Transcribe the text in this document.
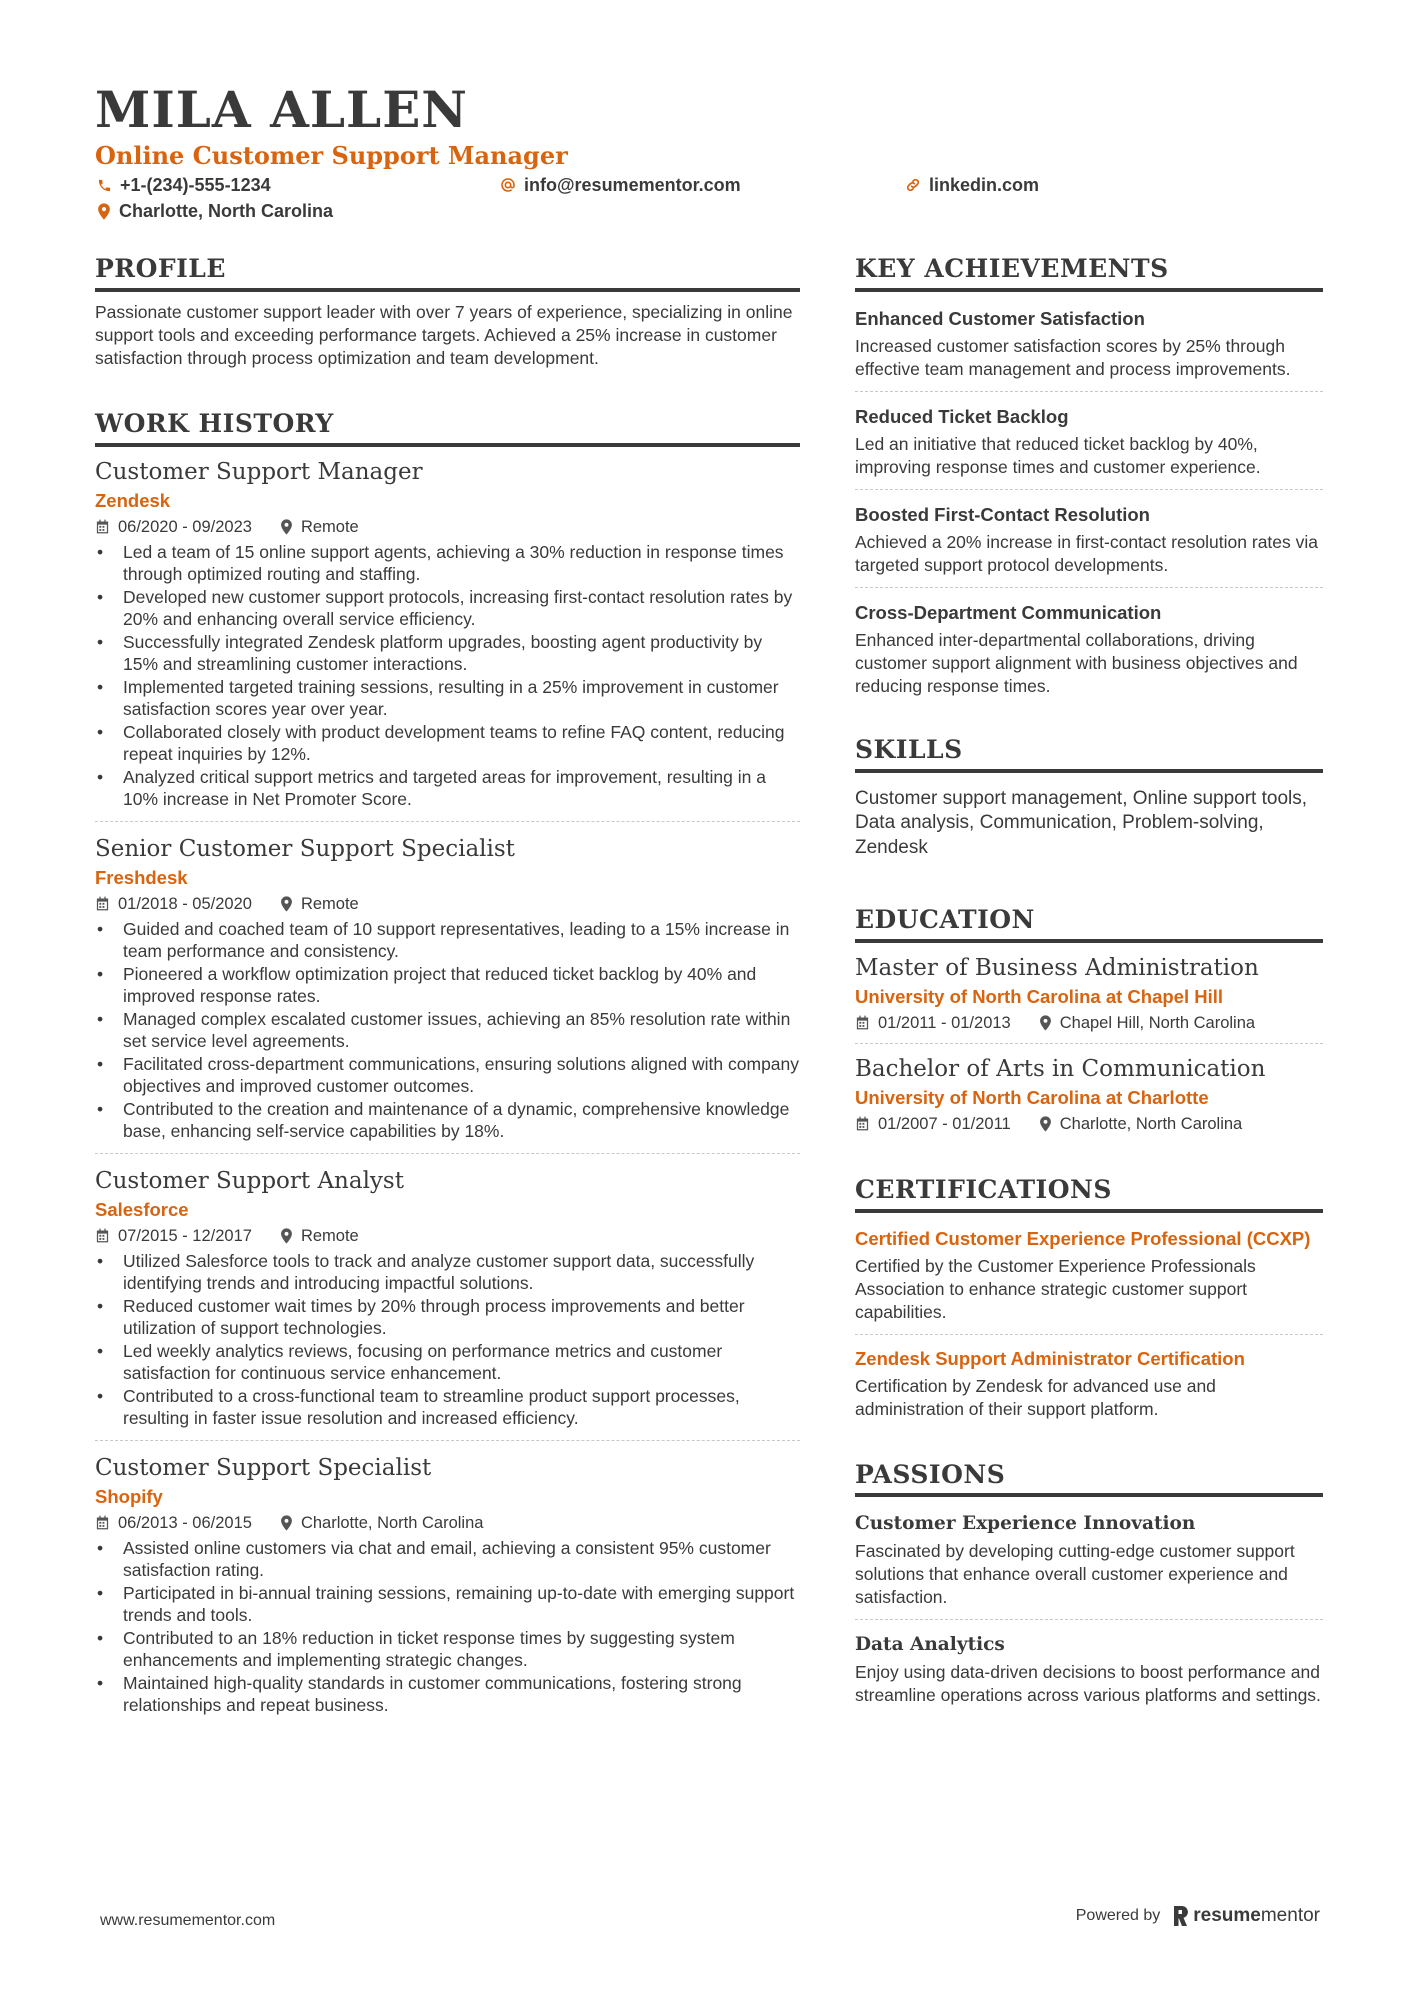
MILA ALLEN
Online Customer Support Manager
+1-(234)-555-1234	info@resumementor.com	linkedin.com
Charlotte, North Carolina
PROFILE
Passionate customer support leader with over 7 years of experience, specializing in online support tools and exceeding performance targets. Achieved a 25% increase in customer satisfaction through process optimization and team development.
WORK HISTORY
Customer Support Manager
Zendesk
06/2020 - 09/2023	Remote
• Led a team of 15 online support agents, achieving a 30% reduction in response times through optimized routing and staffing.
• Developed new customer support protocols, increasing first-contact resolution rates by 20% and enhancing overall service efficiency.
• Successfully integrated Zendesk platform upgrades, boosting agent productivity by 15% and streamlining customer interactions.
• Implemented targeted training sessions, resulting in a 25% improvement in customer satisfaction scores year over year.
• Collaborated closely with product development teams to refine FAQ content, reducing repeat inquiries by 12%.
• Analyzed critical support metrics and targeted areas for improvement, resulting in a 10% increase in Net Promoter Score.
Senior Customer Support Specialist
Freshdesk
01/2018 - 05/2020	Remote
• Guided and coached team of 10 support representatives, leading to a 15% increase in team performance and consistency.
• Pioneered a workflow optimization project that reduced ticket backlog by 40% and improved response rates.
• Managed complex escalated customer issues, achieving an 85% resolution rate within set service level agreements.
• Facilitated cross-department communications, ensuring solutions aligned with company objectives and improved customer outcomes.
• Contributed to the creation and maintenance of a dynamic, comprehensive knowledge base, enhancing self-service capabilities by 18%.
Customer Support Analyst
Salesforce
07/2015 - 12/2017	Remote
• Utilized Salesforce tools to track and analyze customer support data, successfully identifying trends and introducing impactful solutions.
• Reduced customer wait times by 20% through process improvements and better utilization of support technologies.
• Led weekly analytics reviews, focusing on performance metrics and customer satisfaction for continuous service enhancement.
• Contributed to a cross-functional team to streamline product support processes, resulting in faster issue resolution and increased efficiency.
Customer Support Specialist
Shopify
06/2013 - 06/2015	Charlotte, North Carolina
• Assisted online customers via chat and email, achieving a consistent 95% customer satisfaction rating.
• Participated in bi-annual training sessions, remaining up-to-date with emerging support trends and tools.
• Contributed to an 18% reduction in ticket response times by suggesting system enhancements and implementing strategic changes.
• Maintained high-quality standards in customer communications, fostering strong relationships and repeat business.
KEY ACHIEVEMENTS
Enhanced Customer Satisfaction
Increased customer satisfaction scores by 25% through effective team management and process improvements.
Reduced Ticket Backlog
Led an initiative that reduced ticket backlog by 40%, improving response times and customer experience.
Boosted First-Contact Resolution
Achieved a 20% increase in first-contact resolution rates via targeted support protocol developments.
Cross-Department Communication
Enhanced inter-departmental collaborations, driving customer support alignment with business objectives and reducing response times.
SKILLS
Customer support management, Online support tools, Data analysis, Communication, Problem-solving, Zendesk
EDUCATION
Master of Business Administration
University of North Carolina at Chapel Hill
01/2011 - 01/2013	Chapel Hill, North Carolina
Bachelor of Arts in Communication
University of North Carolina at Charlotte
01/2007 - 01/2011	Charlotte, North Carolina
CERTIFICATIONS
Certified Customer Experience Professional (CCXP)
Certified by the Customer Experience Professionals Association to enhance strategic customer support capabilities.
Zendesk Support Administrator Certification
Certification by Zendesk for advanced use and administration of their support platform.
PASSIONS
Customer Experience Innovation
Fascinated by developing cutting-edge customer support solutions that enhance overall customer experience and satisfaction.
Data Analytics
Enjoy using data-driven decisions to boost performance and streamline operations across various platforms and settings.
www.resumementor.com	Powered by resumementor
